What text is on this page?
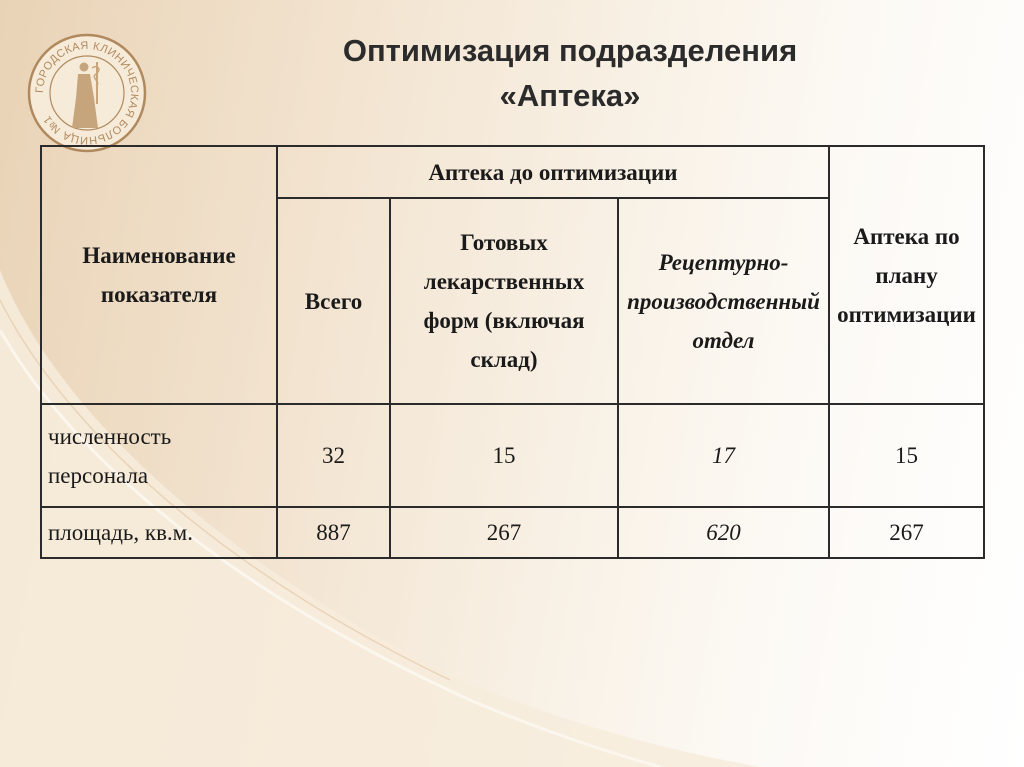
ГОРОДСКАЯ КЛИНИЧЕСКАЯ БОЛЬНИЦА №1
Оптимизация подразделения
«Аптека»
Наименование показателя	Аптека до оптимизации			Аптека по плану оптимизации
	Всего	Готовых лекарственных форм (включая склад)	Рецептурно-производственный отдел	
численность персонала	32	15	17	15
площадь, кв.м.	887	267	620	267
